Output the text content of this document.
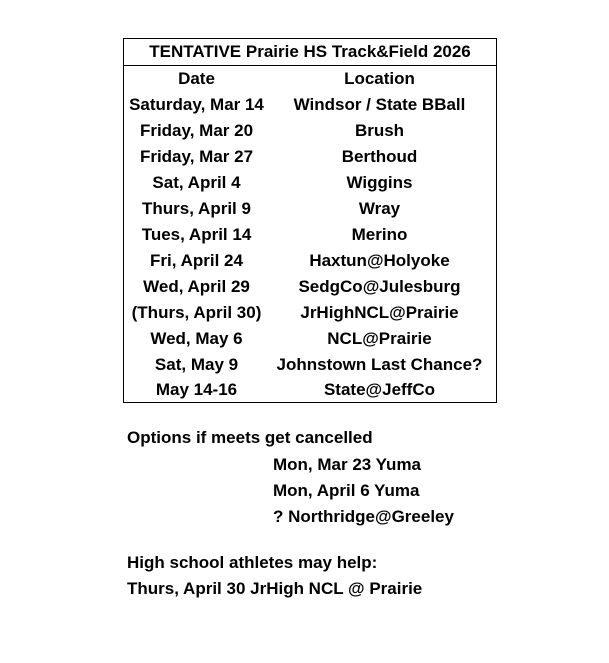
TENTATIVE Prairie HS Track&Field 2026
Date	Location
Saturday, Mar 14	Windsor / State BBall
Friday, Mar 20	Brush
Friday, Mar 27	Berthoud
Sat, April 4	Wiggins
Thurs, April 9	Wray
Tues, April 14	Merino
Fri, April 24	Haxtun@Holyoke
Wed, April 29	SedgCo@Julesburg
(Thurs, April 30)	JrHighNCL@Prairie
Wed, May 6	NCL@Prairie
Sat, May 9	Johnstown Last Chance?
May 14-16	State@JeffCo
Options if meets get cancelled
Mon, Mar 23 Yuma
Mon, April 6 Yuma
? Northridge@Greeley
High school athletes may help:
Thurs, April 30 JrHigh NCL @ Prairie
